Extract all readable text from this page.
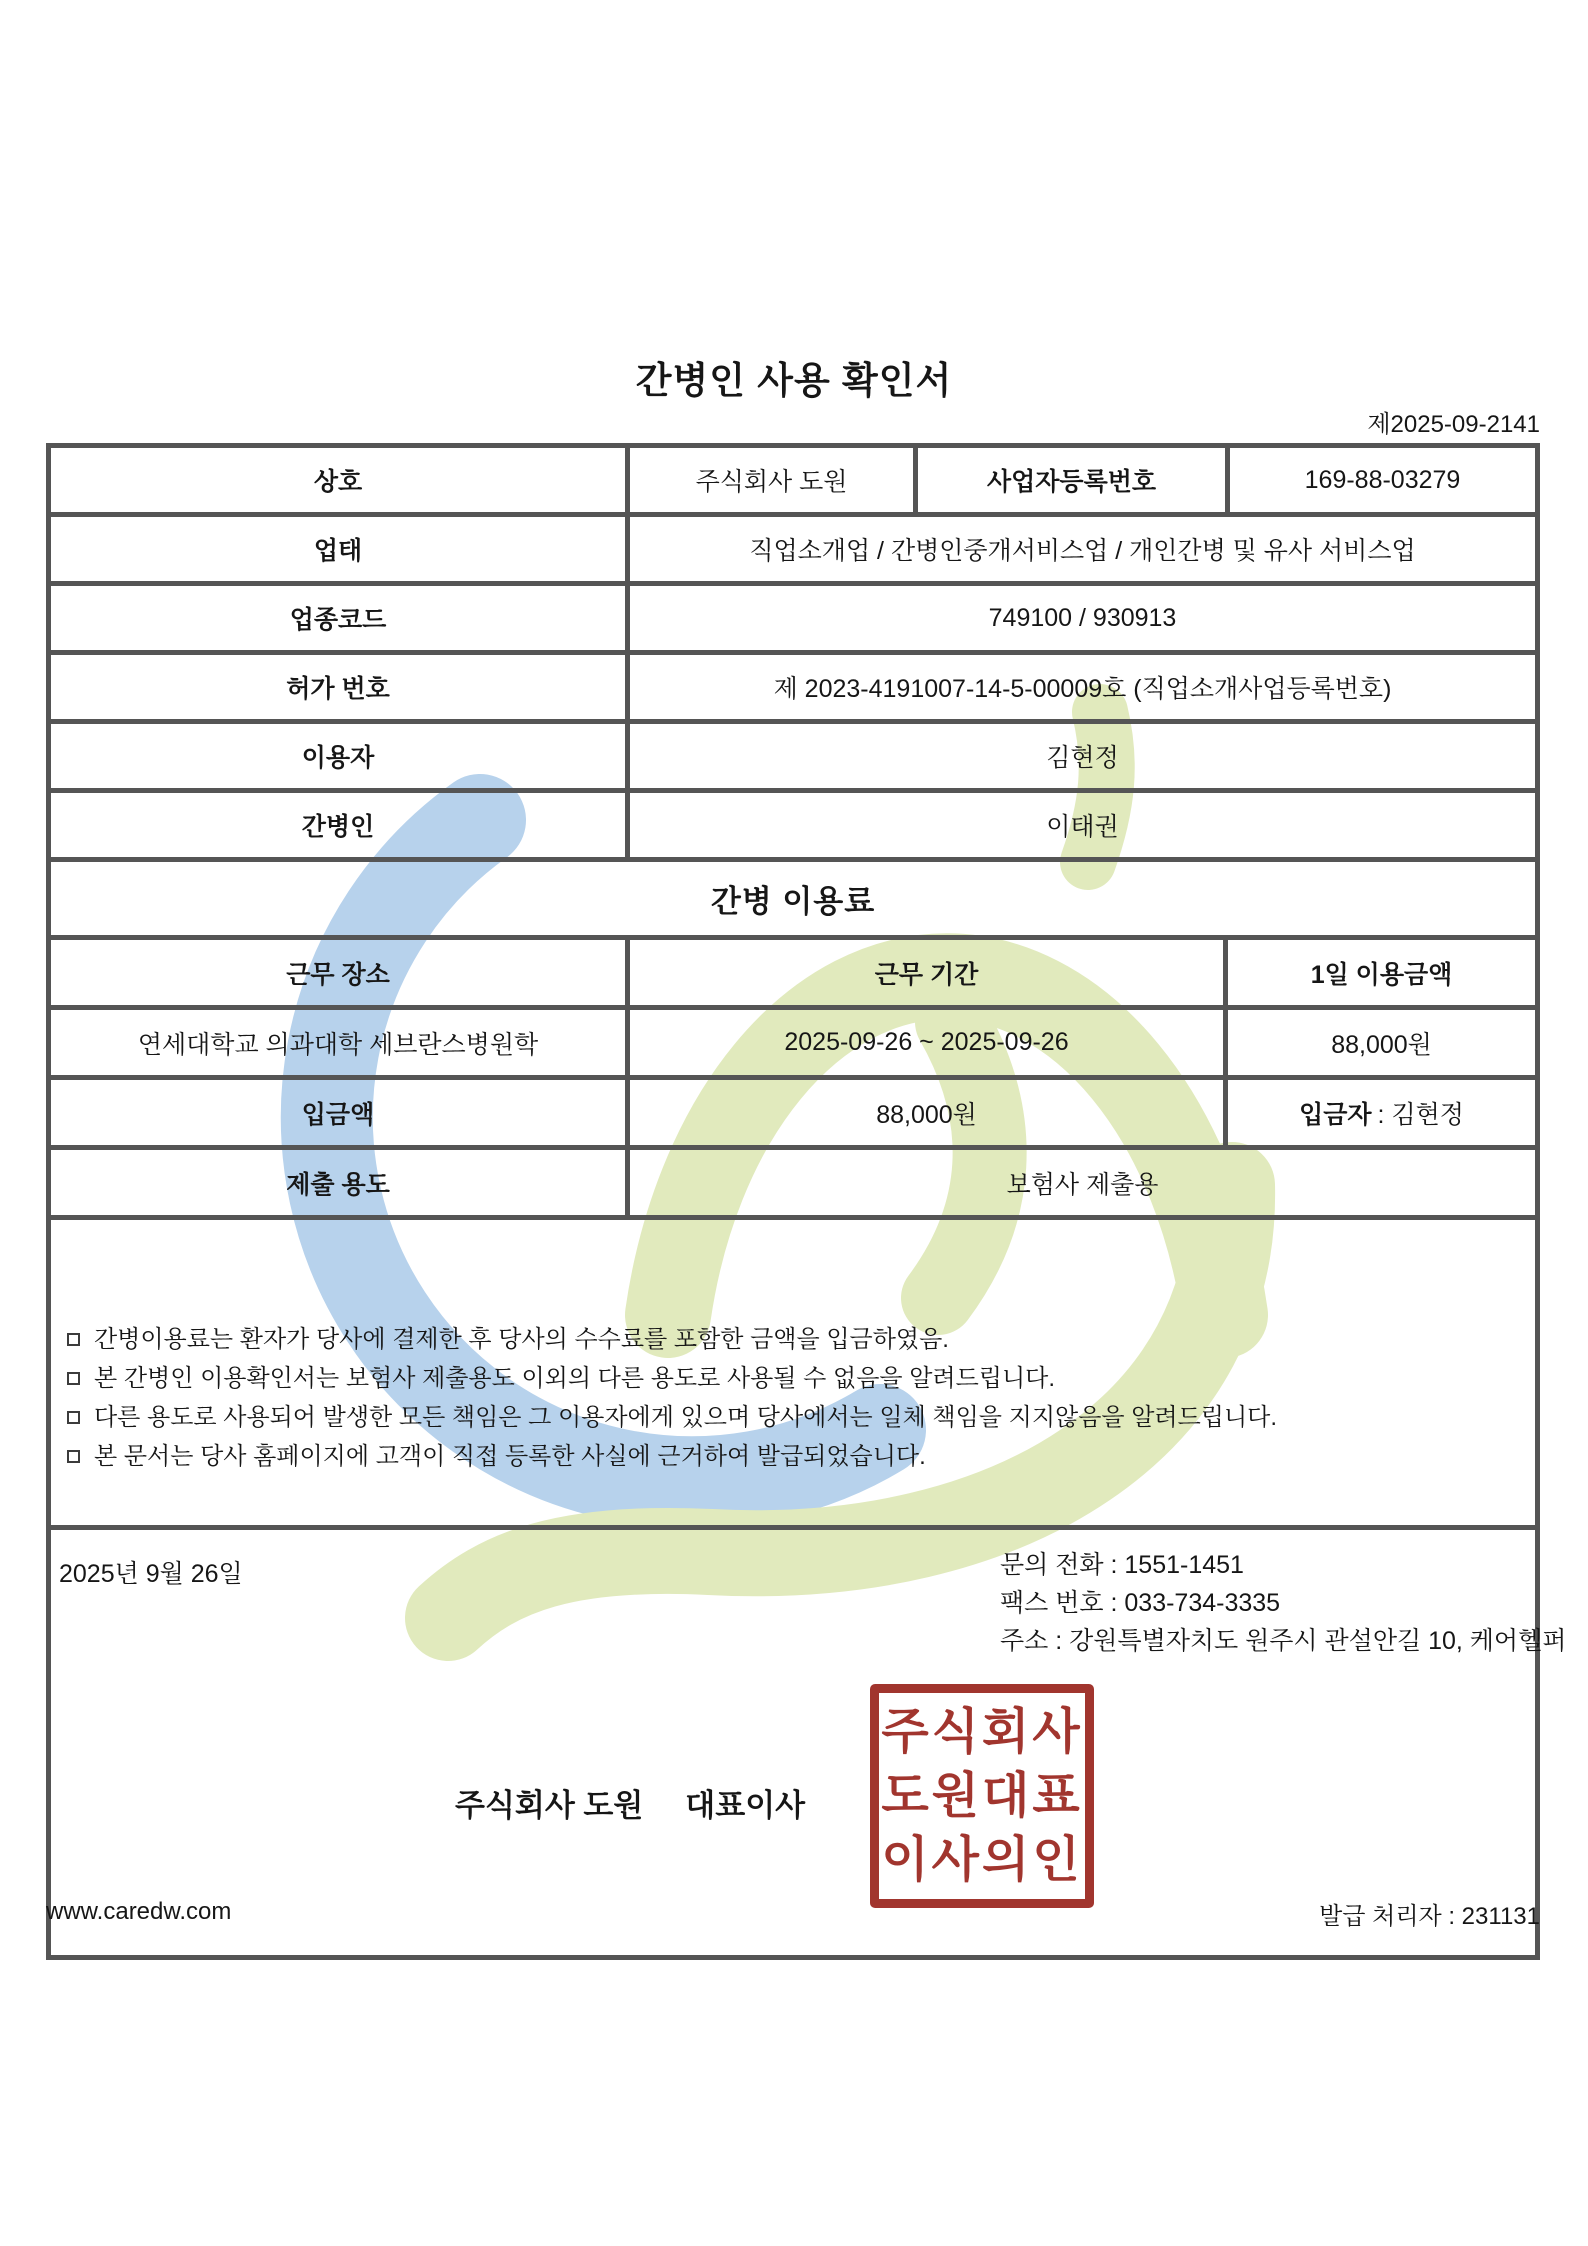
간병인 사용 확인서
제2025-09-2141
상호	주식회사 도원	사업자등록번호	169-88-03279
업태	직업소개업 / 간병인중개서비스업 / 개인간병 및 유사 서비스업
업종코드	749100 / 930913
허가 번호	제 2023-4191007-14-5-00009호 (직업소개사업등록번호)
이용자	김현정
간병인	이태권
간병 이용료
근무 장소	근무 기간	1일 이용금액
연세대학교 의과대학 세브란스병원학	2025-09-26 ~ 2025-09-26	88,000원
입금액	88,000원	입금자 : 김현정
제출 용도	보험사 제출용
간병이용료는 환자가 당사에 결제한 후 당사의 수수료를 포함한 금액을 입금하였음.
본 간병인 이용확인서는 보험사 제출용도 이외의 다른 용도로 사용될 수 없음을 알려드립니다.
다른 용도로 사용되어 발생한 모든 책임은 그 이용자에게 있으며 당사에서는 일체 책임을 지지않음을 알려드립니다.
본 문서는 당사 홈페이지에 고객이 직접 등록한 사실에 근거하여 발급되었습니다.
2025년 9월 26일	문의 전화 : 1551-1451
팩스 번호 : 033-734-3335
주소 : 강원특별자치도 원주시 관설안길 10, 케어헬퍼
주식회사 도원 대표이사
주식회사
도원대표
이사의인
www.caredw.com	발급 처리자 : 231131
